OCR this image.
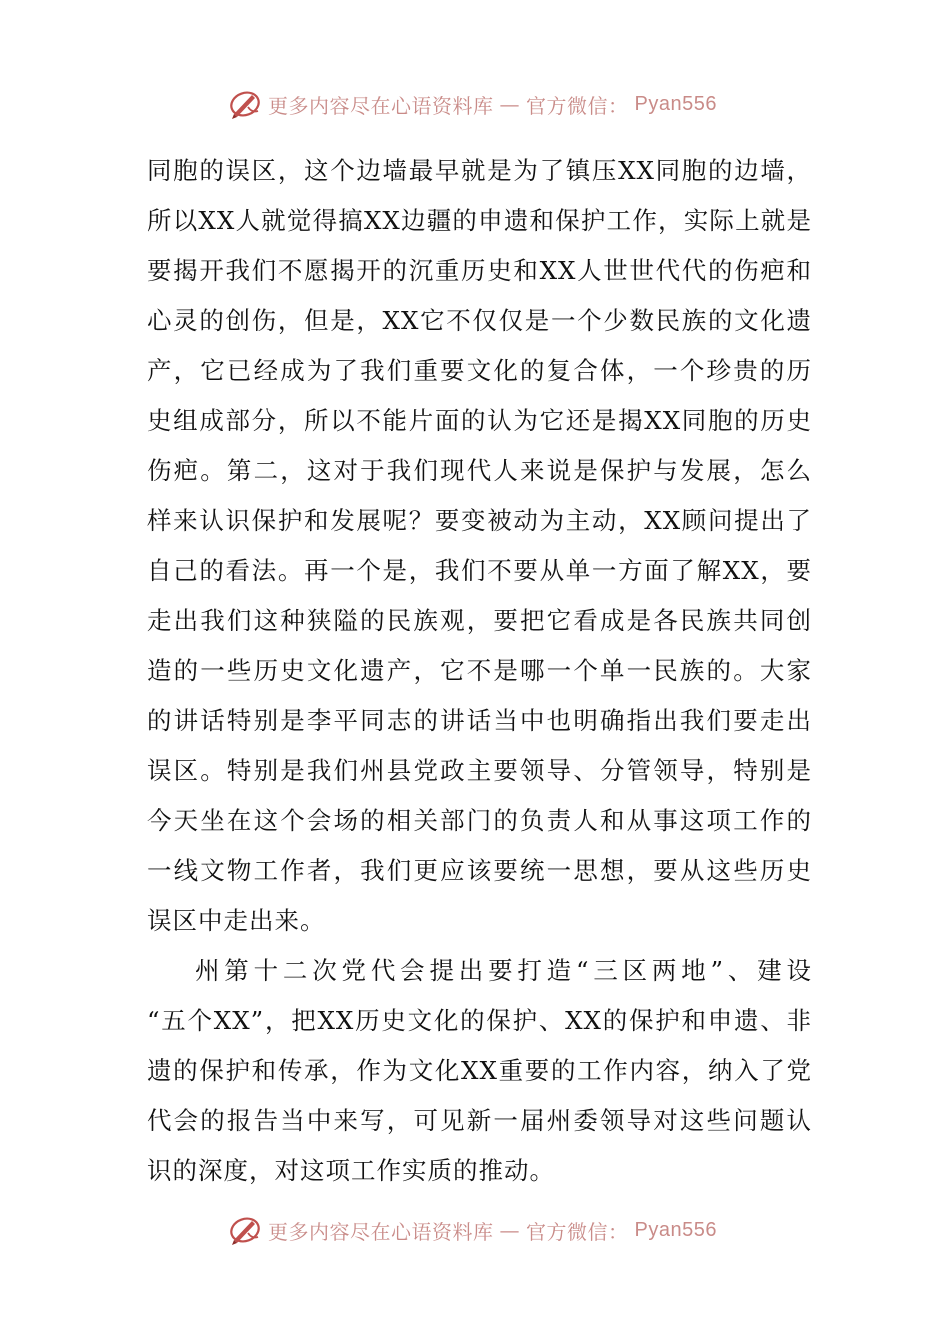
更多内容尽在心语资料库 — 官方微信： Pyan556
同胞的误区，这个边墙最早就是为了镇压XX同胞的边墙，
所以XX人就觉得搞XX边疆的申遗和保护工作，实际上就是
要揭开我们不愿揭开的沉重历史和XX人世世代代的伤疤和
心灵的创伤，但是，XX它不仅仅是一个少数民族的文化遗
产，它已经成为了我们重要文化的复合体，一个珍贵的历
史组成部分，所以不能片面的认为它还是揭XX同胞的历史
伤疤。第二，这对于我们现代人来说是保护与发展，怎么
样来认识保护和发展呢？要变被动为主动，XX顾问提出了
自己的看法。再一个是，我们不要从单一方面了解XX，要
走出我们这种狭隘的民族观，要把它看成是各民族共同创
造的一些历史文化遗产，它不是哪一个单一民族的。大家
的讲话特别是李平同志的讲话当中也明确指出我们要走出
误区。特别是我们州县党政主要领导、分管领导，特别是
今天坐在这个会场的相关部门的负责人和从事这项工作的
一线文物工作者，我们更应该要统一思想，要从这些历史
误区中走出来。
州第十二次党代会提出要打造“三区两地”、建设
“五个XX”，把XX历史文化的保护、XX的保护和申遗、非
遗的保护和传承，作为文化XX重要的工作内容，纳入了党
代会的报告当中来写，可见新一届州委领导对这些问题认
识的深度，对这项工作实质的推动。
更多内容尽在心语资料库 — 官方微信： Pyan556
